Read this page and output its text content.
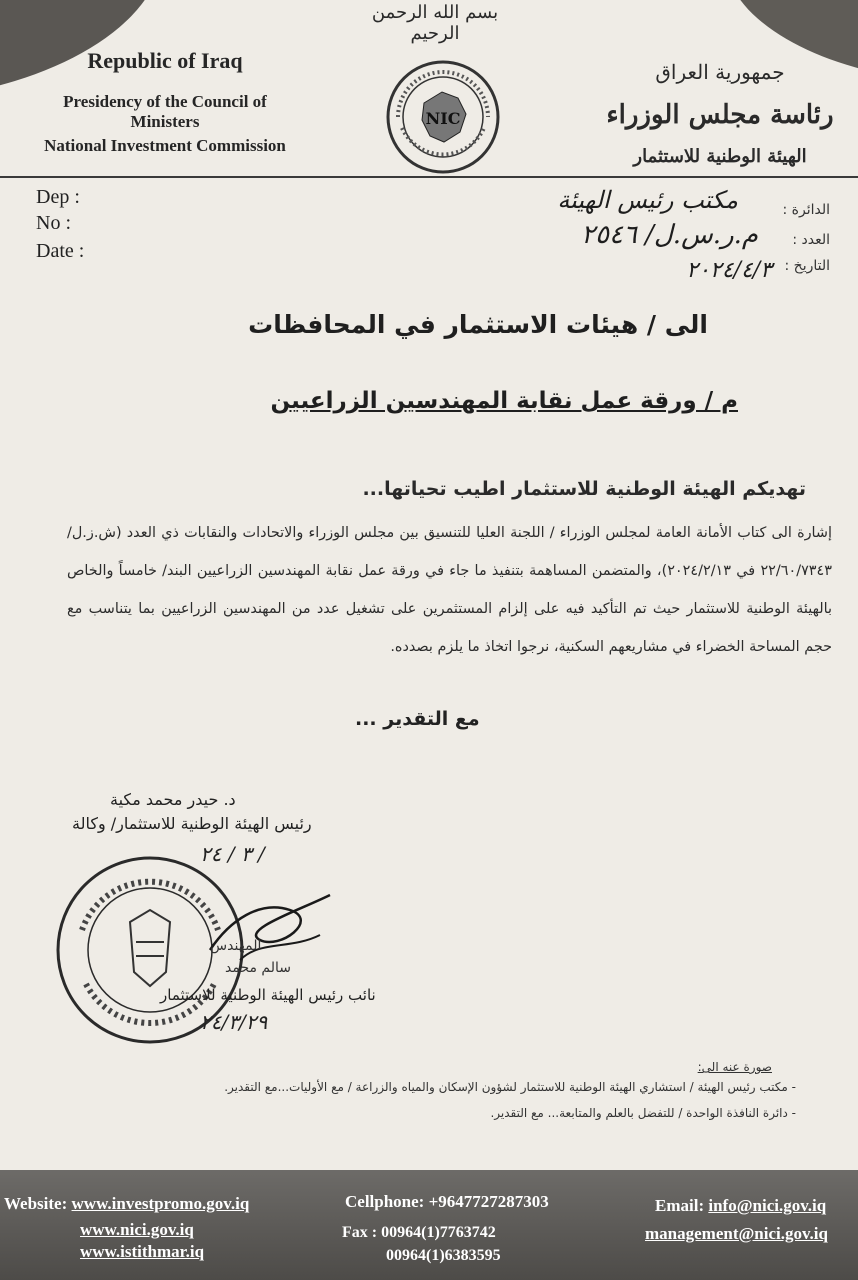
بسم الله الرحمن الرحيم
Republic of Iraq
Presidency of the Council of Ministers
National Investment Commission
جمهورية العراق
رئاسة مجلس الوزراء
الهيئة الوطنية للاستثمار
NIC
Dep :
No :
Date :
الدائرة :
العدد :
التاريخ :
مكتب رئيس الهيئة
م.ر.س.ل/ ٢٥٤٦
٢٠٢٤/٤/٣
الى / هيئات الاستثمار في المحافظات
م / ورقة عمل نقابة المهندسين الزراعيين
تهديكم الهيئة الوطنية للاستثمار اطيب تحياتها...
إشارة الى كتاب الأمانة العامة لمجلس الوزراء / اللجنة العليا للتنسيق بين مجلس الوزراء والاتحادات والنقابات ذي العدد (ش.ز.ل/٢٢/٦٠/٧٣٤٣ في ٢٠٢٤/٢/١٣)، والمتضمن المساهمة بتنفيذ ما جاء في ورقة عمل نقابة المهندسين الزراعيين البند/ خامساً والخاص بالهيئة الوطنية للاستثمار حيث تم التأكيد فيه على إلزام المستثمرين على تشغيل عدد من المهندسين الزراعيين بما يتناسب مع حجم المساحة الخضراء في مشاريعهم السكنية، نرجوا اتخاذ ما يلزم بصدده.
مع التقدير ...
د. حيدر محمد مكية
رئيس الهيئة الوطنية للاستثمار/ وكالة
/ ٣ / ٢٤
المهندس
سالم محمد
نائب رئيس الهيئة الوطنية للاستثمار
٢٤/٣/٢٩
صورة عنه الى:
- مكتب رئيس الهيئة / استشاري الهيئة الوطنية للاستثمار لشؤون الإسكان والمياه والزراعة / مع الأوليات...مع التقدير.
- دائرة النافذة الواحدة / للتفضل بالعلم والمتابعة... مع التقدير.
Website: www.investpromo.gov.iq
www.nici.gov.iq
www.istithmar.iq
Cellphone: +9647727287303
Fax : 00964(1)7763742
00964(1)6383595
Email: info@nici.gov.iq
management@nici.gov.iq
